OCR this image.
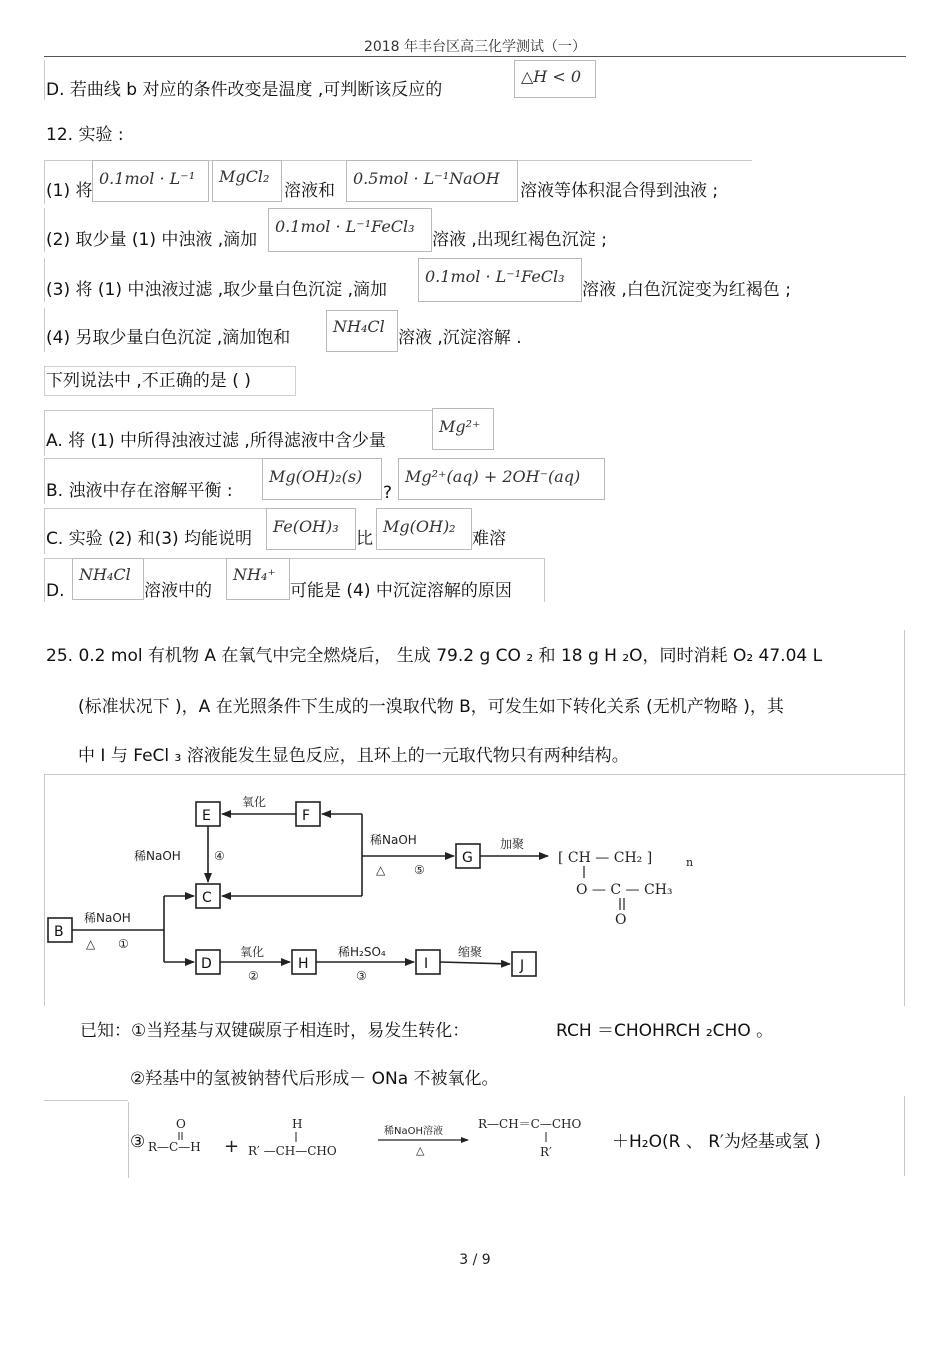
2018 年丰台区高三化学测试（一）
D. 若曲线 b 对应的条件改变是温度 ,可判断该反应的
△H < 0
12. 实验 :
(1) 将
0.1mol · L⁻¹ MgCl₂
溶液和
0.5mol · L⁻¹NaOH
溶液等体积混合得到浊液 ;
(2) 取少量 (1) 中浊液 ,滴加
0.1mol · L⁻¹FeCl₃
溶液 ,出现红褐色沉淀 ;
(3) 将 (1) 中浊液过滤 ,取少量白色沉淀 ,滴加
0.1mol · L⁻¹FeCl₃
溶液 ,白色沉淀变为红褐色 ;
(4) 另取少量白色沉淀 ,滴加饱和
NH₄Cl
溶液 ,沉淀溶解 .
下列说法中 ,不正确的是 ( )
A. 将 (1) 中所得浊液过滤 ,所得滤液中含少量
Mg²⁺
B. 浊液中存在溶解平衡 :
Mg(OH)₂(s)
?
Mg²⁺(aq) + 2OH⁻(aq)
C. 实验 (2) 和(3) 均能说明
Fe(OH)₃
比
Mg(OH)₂
难溶
D.
NH₄Cl
溶液中的
NH₄⁺
可能是 (4) 中沉淀溶解的原因
25. 0.2 mol 有机物 A 在氧气中完全燃烧后， 生成 79.2 g CO ₂ 和 18 g H ₂O，同时消耗 O₂ 47.04 L
(标准状况下 )，A 在光照条件下生成的一溴取代物 B，可发生如下转化关系 (无机产物略 )，其
中 I 与 FeCl ₃ 溶液能发生显色反应，且环上的一元取代物只有两种结构。
B
C
E	F
G
D	H	I	J
氧化
稀NaOH	④
稀NaOH
△ ⑤
加聚
稀NaOH
△ ①
氧化
②
稀H₂SO₄
③
缩聚
[ CH — CH₂ ]	n
O — C — CH₃
O
已知：①当羟基与双键碳原子相连时，易发生转化：	RCH ＝CHOHRCH ₂CHO 。
②羟基中的氢被钠替代后形成－ ONa 不被氧化。
③ R—C—H
O
+ R′ —CH—CHO
H
稀NaOH溶液
△
R—CH＝C—CHO
R′	＋H₂O(R 、 R′为烃基或氢 )
3 / 9
